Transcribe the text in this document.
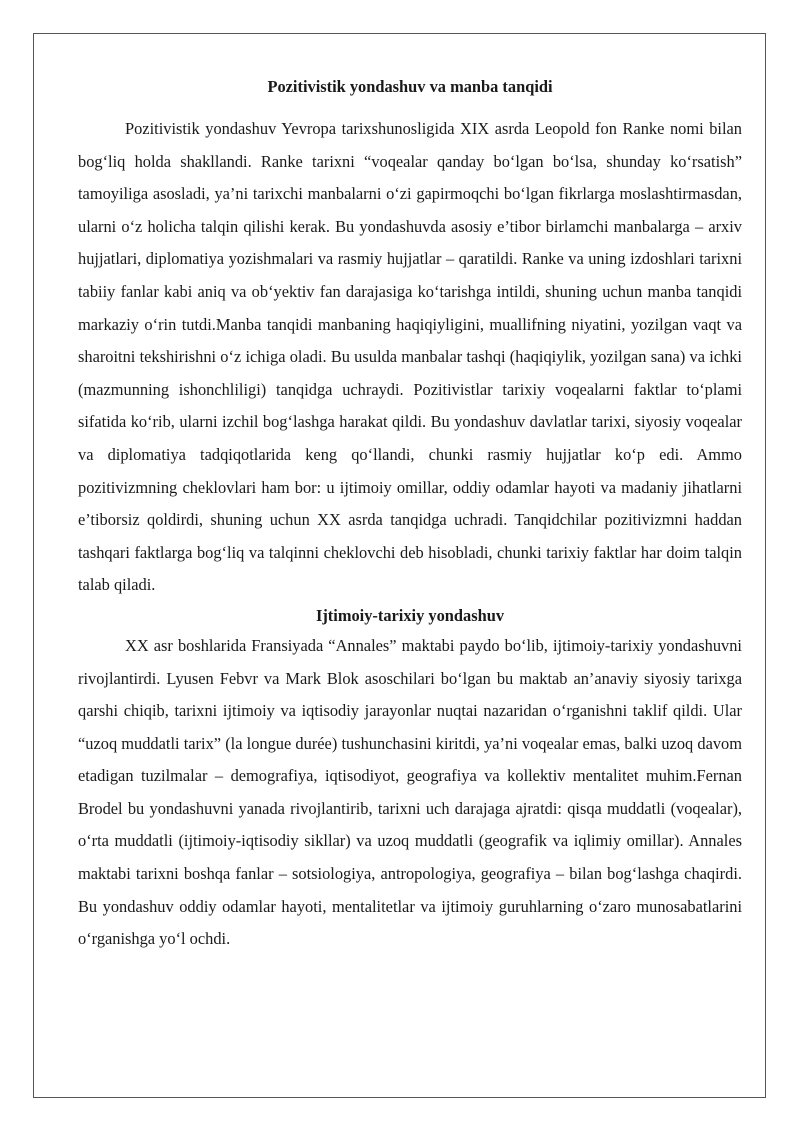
Pozitivistik yondashuv va manba tanqidi

Pozitivistik yondashuv Yevropa tarixshunosligida XIX asrda Leopold fon Ranke nomi bilan bog‘liq holda shakllandi. Ranke tarixni “voqealar qanday bo‘lgan bo‘lsa, shunday ko‘rsatish” tamoyiliga asosladi, ya’ni tarixchi manbalarni o‘zi gapirmoqchi bo‘lgan fikrlarga moslashtirmasdan, ularni o‘z holicha talqin qilishi kerak. Bu yondashuvda asosiy e’tibor birlamchi manbalarga – arxiv hujjatlari, diplomatiya yozishmalari va rasmiy hujjatlar – qaratildi. Ranke va uning izdoshlari tarixni tabiiy fanlar kabi aniq va ob‘yektiv fan darajasiga ko‘tarishga intildi, shuning uchun manba tanqidi markaziy o‘rin tutdi.Manba tanqidi manbaning haqiqiyligini, muallifning niyatini, yozilgan vaqt va sharoitni tekshirishni o‘z ichiga oladi. Bu usulda manbalar tashqi (haqiqiylik, yozilgan sana) va ichki (mazmunning ishonchliligi) tanqidga uchraydi. Pozitivistlar tarixiy voqealarni faktlar to‘plami sifatida ko‘rib, ularni izchil bog‘lashga harakat qildi. Bu yondashuv davlatlar tarixi, siyosiy voqealar va diplomatiya tadqiqotlarida keng qo‘llandi, chunki rasmiy hujjatlar ko‘p edi. Ammo pozitivizmning cheklovlari ham bor: u ijtimoiy omillar, oddiy odamlar hayoti va madaniy jihatlarni e’tiborsiz qoldirdi, shuning uchun XX asrda tanqidga uchradi. Tanqidchilar pozitivizmni haddan tashqari faktlarga bog‘liq va talqinni cheklovchi deb hisobladi, chunki tarixiy faktlar har doim talqin talab qiladi.

Ijtimoiy-tarixiy yondashuv

XX asr boshlarida Fransiyada “Annales” maktabi paydo bo‘lib, ijtimoiy-tarixiy yondashuvni rivojlantirdi. Lyusen Febvr va Mark Blok asoschilari bo‘lgan bu maktab an’anaviy siyosiy tarixga qarshi chiqib, tarixni ijtimoiy va iqtisodiy jarayonlar nuqtai nazaridan o‘rganishni taklif qildi. Ular “uzoq muddatli tarix” (la longue durée) tushunchasini kiritdi, ya’ni voqealar emas, balki uzoq davom etadigan tuzilmalar – demografiya, iqtisodiyot, geografiya va kollektiv mentalitet muhim.Fernan Brodel bu yondashuvni yanada rivojlantirib, tarixni uch darajaga ajratdi: qisqa muddatli (voqealar), o‘rta muddatli (ijtimoiy-iqtisodiy sikllar) va uzoq muddatli (geografik va iqlimiy omillar). Annales maktabi tarixni boshqa fanlar – sotsiologiya, antropologiya, geografiya – bilan bog‘lashga chaqirdi. Bu yondashuv oddiy odamlar hayoti, mentalitetlar va ijtimoiy guruhlarning o‘zaro munosabatlarini o‘rganishga yo‘l ochdi.
